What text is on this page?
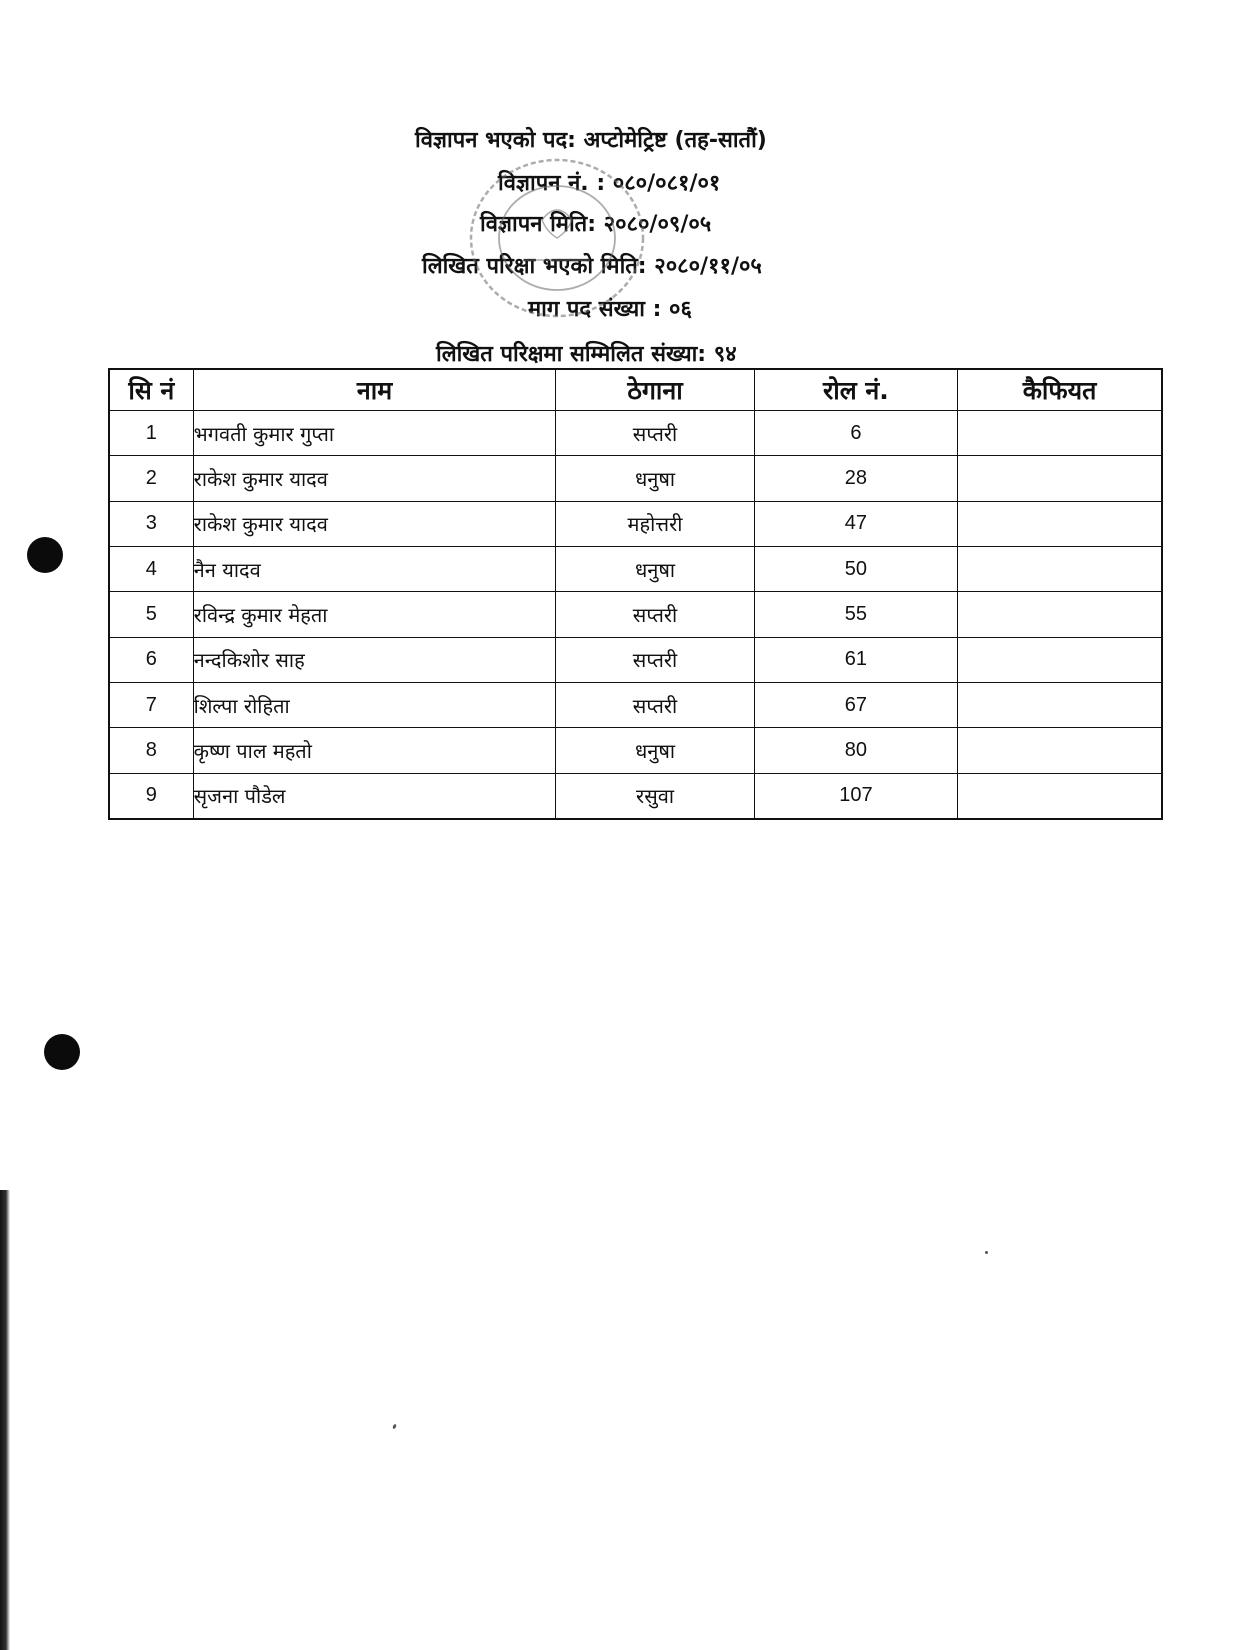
विज्ञापन भएको पद: अप्टोमेट्रिष्ट (तह-सातौं)
विज्ञापन नं. : ०८०/०८१/०१
विज्ञापन मिति: २०८०/०९/०५
लिखित परिक्षा भएको मिति: २०८०/११/०५
माग पद संख्या : ०६
लिखित परिक्षमा सम्मिलित संख्या: ९४
सि नं	नाम	ठेगाना	रोल नं.	कैफियत
1	भगवती कुमार गुप्ता	सप्तरी	6	
2	राकेश कुमार यादव	धनुषा	28	
3	राकेश कुमार यादव	महोत्तरी	47	
4	नैन यादव	धनुषा	50	
5	रविन्द्र कुमार मेहता	सप्तरी	55	
6	नन्दकिशोर साह	सप्तरी	61	
7	शिल्पा रोहिता	सप्तरी	67	
8	कृष्ण पाल महतो	धनुषा	80	
9	सृजना पौडेल	रसुवा	107	
